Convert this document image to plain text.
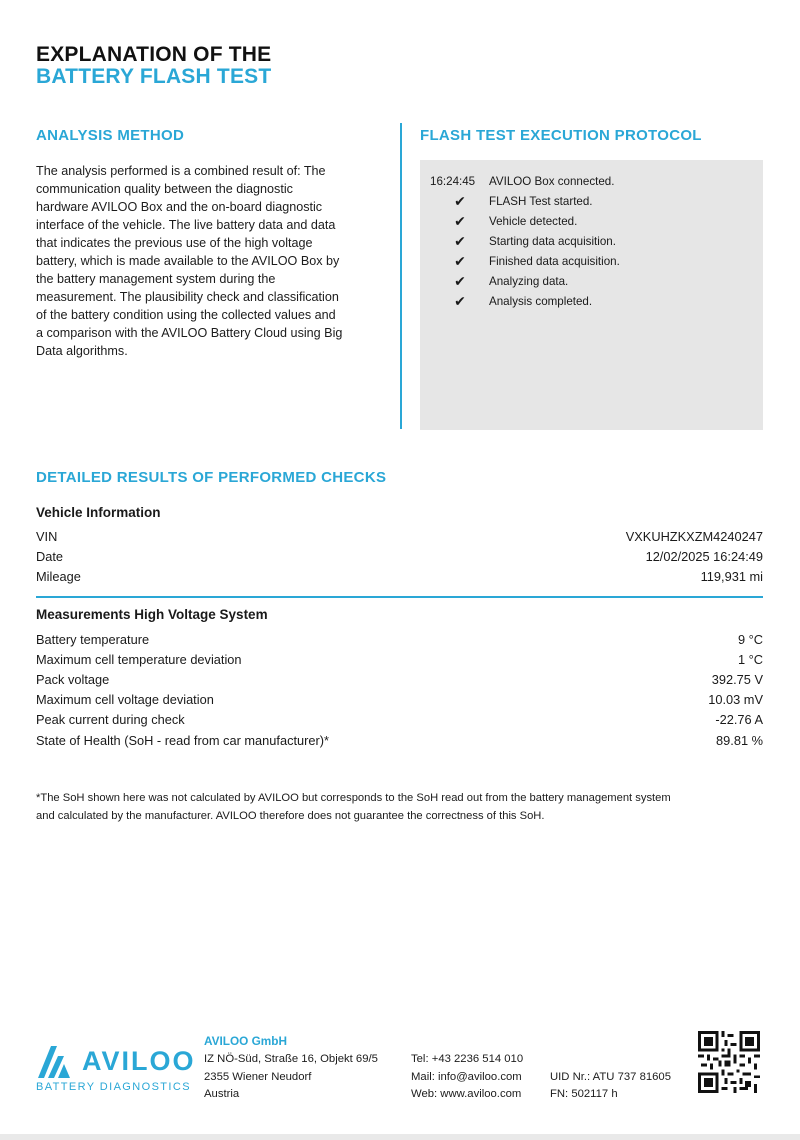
EXPLANATION OF THE
BATTERY FLASH TEST
ANALYSIS METHOD
The analysis performed is a combined result of: The
communication quality between the diagnostic
hardware AVILOO Box and the on-board diagnostic
interface of the vehicle. The live battery data and data
that indicates the previous use of the high voltage
battery, which is made available to the AVILOO Box by
the battery management system during the
measurement. The plausibility check and classification
of the battery condition using the collected values and
a comparison with the AVILOO Battery Cloud using Big
Data algorithms.
FLASH TEST EXECUTION PROTOCOL
16:24:45	AVILOO Box connected.
✔	FLASH Test started.
✔	Vehicle detected.
✔	Starting data acquisition.
✔	Finished data acquisition.
✔	Analyzing data.
✔	Analysis completed.
DETAILED RESULTS OF PERFORMED CHECKS
Vehicle Information
VIN	VXKUHZKXZM4240247
Date	12/02/2025 16:24:49
Mileage	119,931 mi
Measurements High Voltage System
Battery temperature	9 °C
Maximum cell temperature deviation	1 °C
Pack voltage	392.75 V
Maximum cell voltage deviation	10.03 mV
Peak current during check	-22.76 A
State of Health (SoH - read from car manufacturer)*	89.81 %
*The SoH shown here was not calculated by AVILOO but corresponds to the SoH read out from the battery management system
and calculated by the manufacturer. AVILOO therefore does not guarantee the correctness of this SoH.
AVILOO
BATTERY DIAGNOSTICS
AVILOO GmbH
IZ NÖ-Süd, Straße 16, Objekt 69/5
2355 Wiener Neudorf
Austria
Tel: +43 2236 514 010
Mail: info@aviloo.com
Web: www.aviloo.com
UID Nr.: ATU 737 81605
FN: 502117 h
